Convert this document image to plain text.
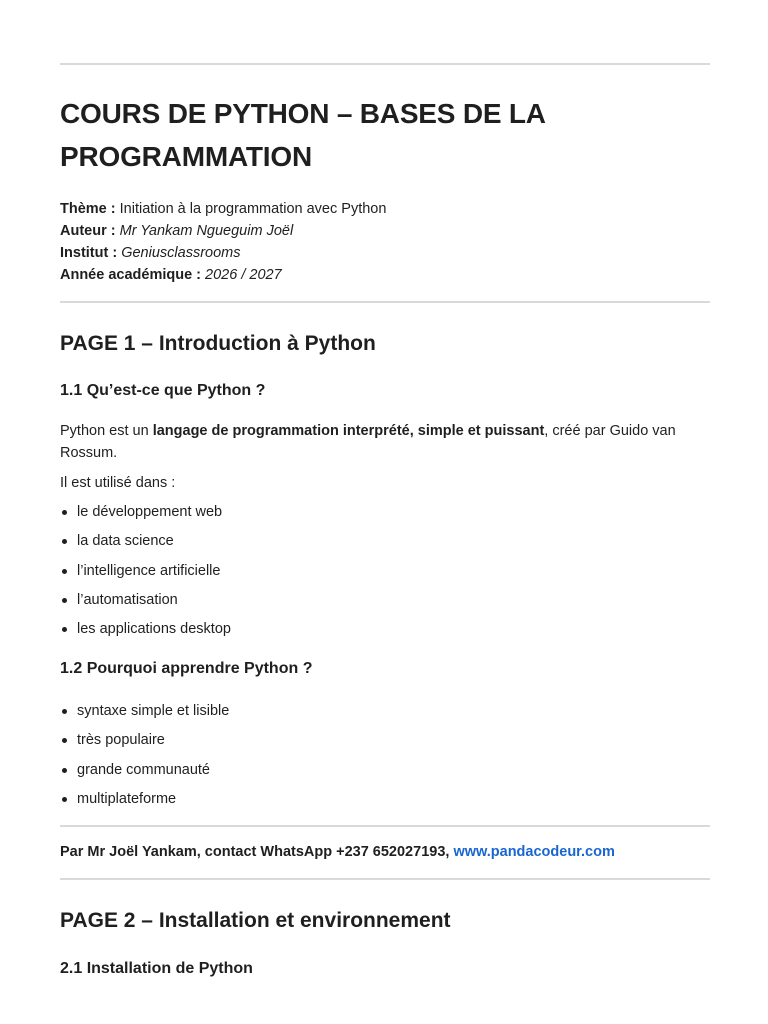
COURS DE PYTHON – BASES DE LA PROGRAMMATION
Thème : Initiation à la programmation avec Python
Auteur : Mr Yankam Ngueguim Joël
Institut : Geniusclassrooms
Année académique : 2026 / 2027
PAGE 1 – Introduction à Python
1.1 Qu’est-ce que Python ?

Python est un langage de programmation interprété, simple et puissant, créé par Guido van Rossum.

Il est utilisé dans :

le développement web
la data science
l’intelligence artificielle
l’automatisation
les applications desktop
1.2 Pourquoi apprendre Python ?
syntaxe simple et lisible
très populaire
grande communauté
multiplateforme
Par Mr Joël Yankam, contact WhatsApp +237 652027193, www.pandacodeur.com
PAGE 2 – Installation et environnement
2.1 Installation de Python
